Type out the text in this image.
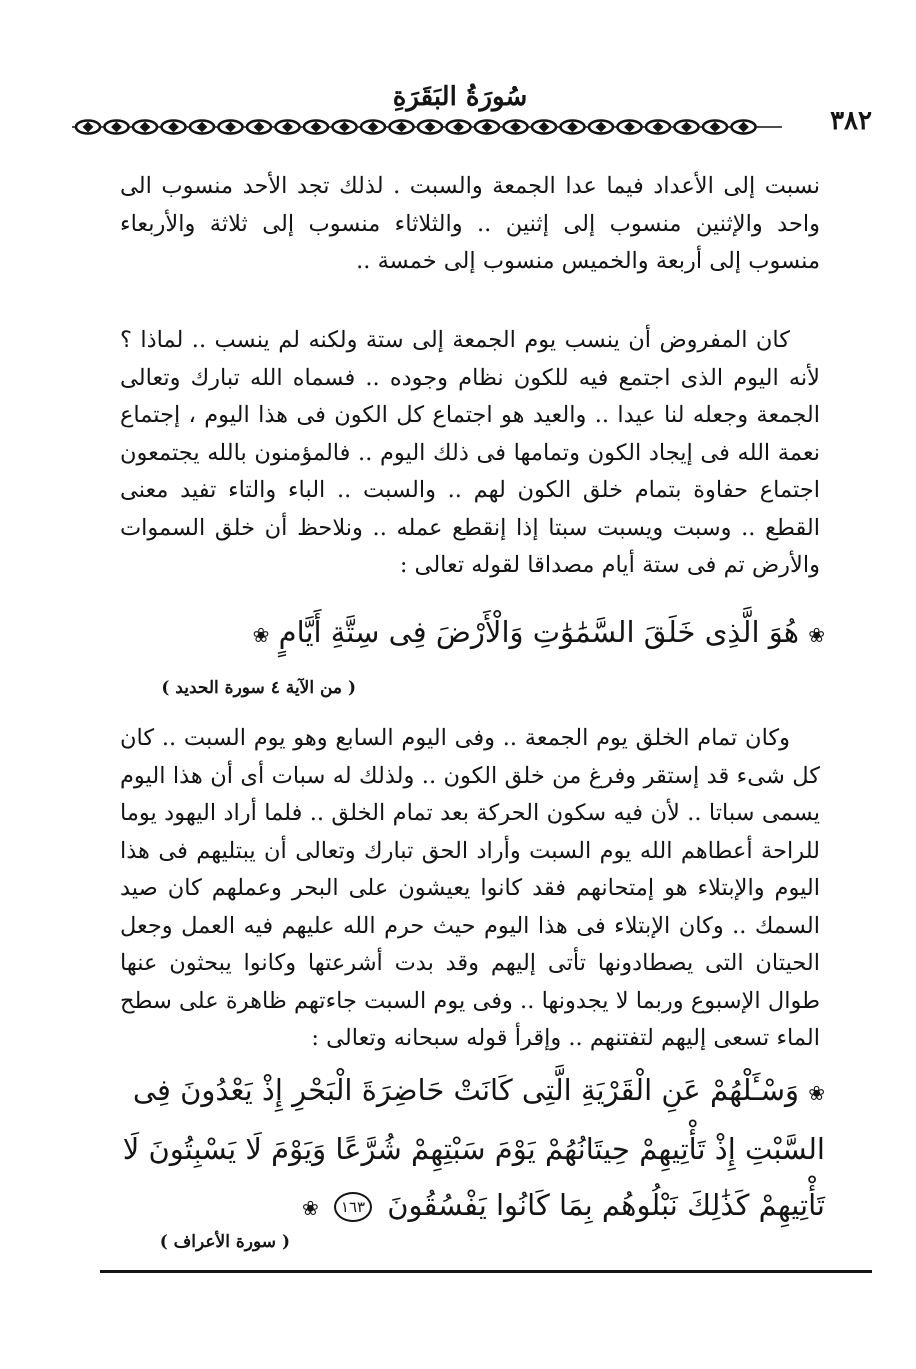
سُورَةُ البَقَرَةِ
٣٨٢

نسبت إلى الأعداد فيما عدا الجمعة والسبت . لذلك تجد الأحد منسوب الى واحد والإثنين منسوب إلى إثنين .. والثلاثاء منسوب إلى ثلاثة والأربعاء منسوب إلى أربعة والخميس منسوب إلى خمسة ..

كان المفروض أن ينسب يوم الجمعة إلى ستة ولكنه لم ينسب .. لماذا ؟ لأنه اليوم الذى اجتمع فيه للكون نظام وجوده .. فسماه الله تبارك وتعالى الجمعة وجعله لنا عيدا .. والعيد هو اجتماع كل الكون فى هذا اليوم ، إجتماع نعمة الله فى إيجاد الكون وتمامها فى ذلك اليوم .. فالمؤمنون بالله يجتمعون اجتماع حفاوة بتمام خلق الكون لهم .. والسبت .. الباء والتاء تفيد معنى القطع .. وسبت ويسبت سبتا إذا إنقطع عمله .. ونلاحظ أن خلق السموات والأرض تم فى ستة أيام مصداقا لقوله تعالى :

❀ هُوَ الَّذِى خَلَقَ السَّمَٰوَٰتِ وَالْأَرْضَ فِى سِتَّةِ أَيَّامٍ ❀

( من الآية ٤ سورة الحديد )

وكان تمام الخلق يوم الجمعة .. وفى اليوم السابع وهو يوم السبت .. كان كل شىء قد إستقر وفرغ من خلق الكون .. ولذلك له سبات أى أن هذا اليوم يسمى سباتا .. لأن فيه سكون الحركة بعد تمام الخلق .. فلما أراد اليهود يوما للراحة أعطاهم الله يوم السبت وأراد الحق تبارك وتعالى أن يبتليهم فى هذا اليوم والإبتلاء هو إمتحانهم فقد كانوا يعيشون على البحر وعملهم كان صيد السمك .. وكان الإبتلاء فى هذا اليوم حيث حرم الله عليهم فيه العمل وجعل الحيتان التى يصطادونها تأتى إليهم وقد بدت أشرعتها وكانوا يبحثون عنها طوال الإسبوع وربما لا يجدونها .. وفى يوم السبت جاءتهم ظاهرة على سطح الماء تسعى إليهم لتفتنهم .. وإقرأ قوله سبحانه وتعالى :

❀ وَسْـَٔلْهُمْ عَنِ الْقَرْيَةِ الَّتِى كَانَتْ حَاضِرَةَ الْبَحْرِ إِذْ يَعْدُونَ فِى السَّبْتِ إِذْ تَأْتِيهِمْ حِيتَانُهُمْ يَوْمَ سَبْتِهِمْ شُرَّعًا وَيَوْمَ لَا يَسْبِتُونَ لَا تَأْتِيهِمْ كَذَٰلِكَ نَبْلُوهُم بِمَا كَانُوا يَفْسُقُونَ ١٦٣ ❀

( سورة الأعراف )
